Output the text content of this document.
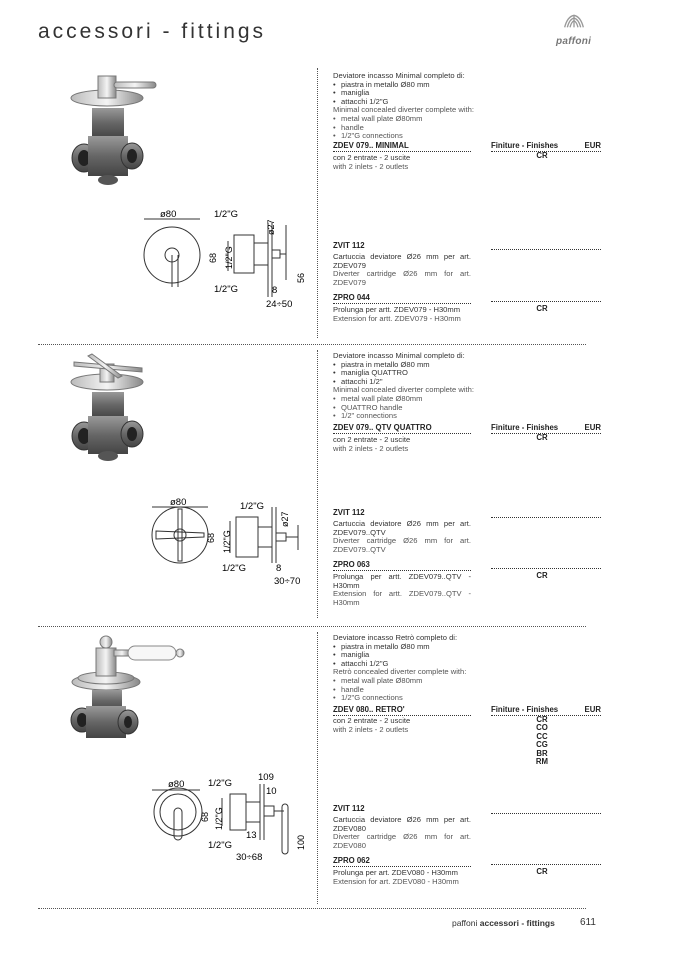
accessori - fittings	paffoni
ø80	1/2"G
ø27
68 1/2"G
56
1/2"G	8
24÷50
Deviatore incasso Minimal completo di:
• piastra in metallo Ø80 mm
• maniglia
• attacchi 1/2"G
Minimal concealed diverter complete with:
• metal wall plate Ø80mm
• handle
• 1/2"G connections
ZDEV 079.. MINIMAL	Finiture - Finishes	EUR
CR
con 2 entrate - 2 uscite
with 2 inlets - 2 outlets
ZVIT 112
Cartuccia deviatore Ø26 mm per art. ZDEV079
Diverter cartridge Ø26 mm for art. ZDEV079
ZPRO 044
CR
Prolunga per artt. ZDEV079 - H30mm
Extension for artt. ZDEV079 - H30mm
ø80	1/2"G
ø27
68 1/2"G
1/2"G	8
30÷70
Deviatore incasso Minimal completo di:
• piastra in metallo Ø80 mm
• maniglia QUATTRO
• attacchi 1/2"
Minimal concealed diverter complete with:
• metal wall plate Ø80mm
• QUATTRO handle
• 1/2" connections
ZDEV 079.. QTV QUATTRO	Finiture - Finishes	EUR
CR
con 2 entrate - 2 uscite
with 2 inlets - 2 outlets
ZVIT 112
Cartuccia deviatore Ø26 mm per art. ZDEV079..QTV
Diverter cartridge Ø26 mm for art. ZDEV079..QTV
ZPRO 063
CR
Prolunga per artt. ZDEV079..QTV - H30mm
Extension for artt. ZDEV079..QTV - H30mm
ø80 1/2"G
109
10
68 1/2"G
13
1/2"G	100
30÷68
Deviatore incasso Retrò completo di:
• piastra in metallo Ø80 mm
• maniglia
• attacchi 1/2"G
Retrò concealed diverter complete with:
• metal wall plate Ø80mm
• handle
• 1/2"G connections
ZDEV 080.. RETRO'	Finiture - Finishes	EUR
CR
CO
CC
CG
BR
RM
con 2 entrate - 2 uscite
with 2 inlets - 2 outlets
ZVIT 112
Cartuccia deviatore Ø26 mm per art. ZDEV080
Diverter cartridge Ø26 mm for art. ZDEV080
ZPRO 062
CR
Prolunga per art. ZDEV080 - H30mm
Extension for art. ZDEV080 - H30mm
paffoni accessori - fittings	611
